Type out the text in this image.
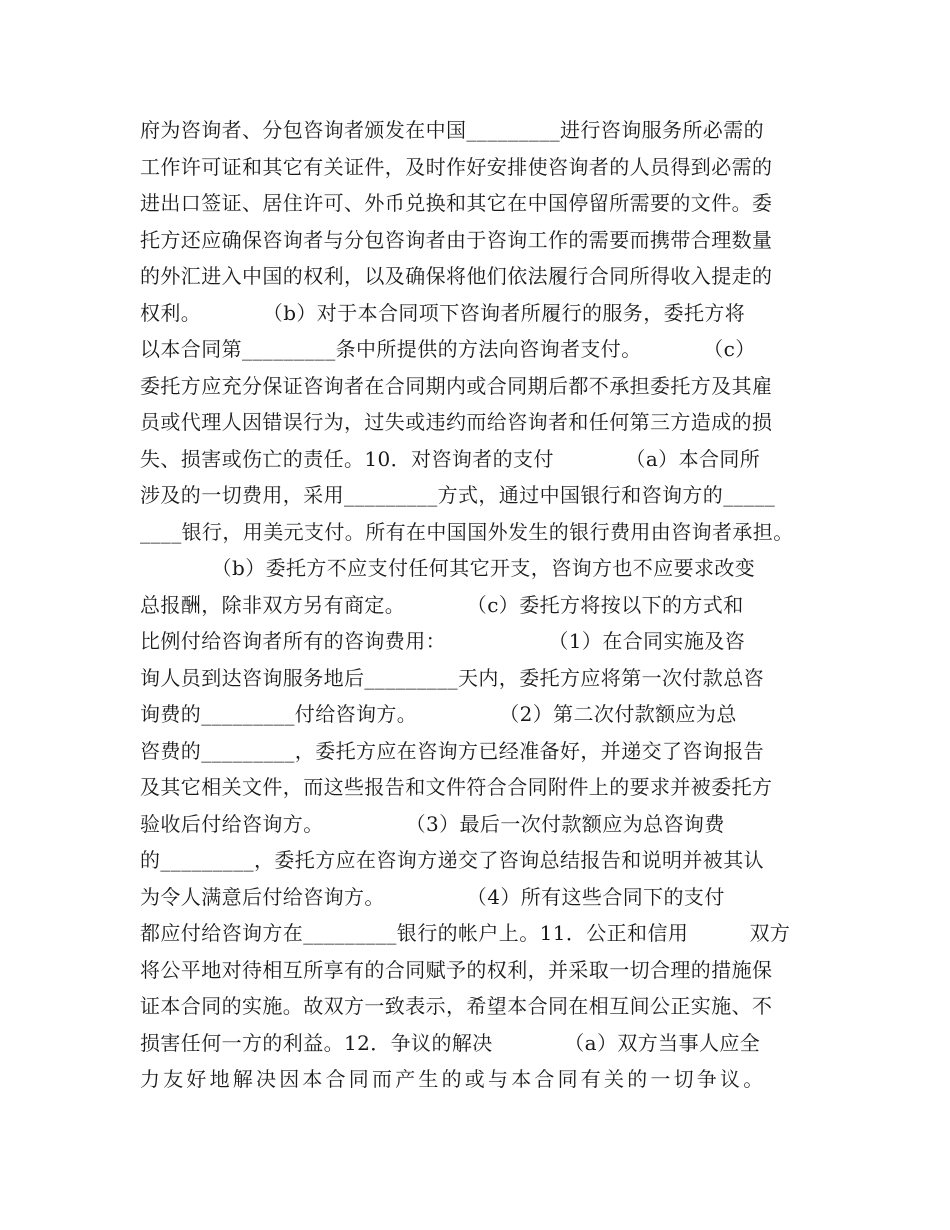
府为咨询者、分包咨询者颁发在中国_________进行咨询服务所必需的
工作许可证和其它有关证件，及时作好安排使咨询者的人员得到必需的
进出口签证、居住许可、外币兑换和其它在中国停留所需要的文件。委
托方还应确保咨询者与分包咨询者由于咨询工作的需要而携带合理数量
的外汇进入中国的权利，以及确保将他们依法履行合同所得收入提走的
权利。　　　　（b）对于本合同项下咨询者所履行的服务，委托方将
以本合同第_________条中所提供的方法向咨询者支付。　　　　（c）
委托方应充分保证咨询者在合同期内或合同期后都不承担委托方及其雇
员或代理人因错误行为，过失或违约而给咨询者和任何第三方造成的损
失、损害或伤亡的责任。10．对咨询者的支付　　　　（a）本合同所
涉及的一切费用，采用_________方式，通过中国银行和咨询方的_____
____银行，用美元支付。所有在中国国外发生的银行费用由咨询者承担。
　　　　（b）委托方不应支付任何其它开支，咨询方也不应要求改变
总报酬，除非双方另有商定。　　　　（c）委托方将按以下的方式和
比例付给咨询者所有的咨询费用：　　　　　　（1）在合同实施及咨
询人员到达咨询服务地后_________天内，委托方应将第一次付款总咨
询费的_________付给咨询方。　　　　　（2）第二次付款额应为总
咨费的_________，委托方应在咨询方已经准备好，并递交了咨询报告
及其它相关文件，而这些报告和文件符合合同附件上的要求并被委托方
验收后付给咨询方。　　　　　（3）最后一次付款额应为总咨询费
的_________，委托方应在咨询方递交了咨询总结报告和说明并被其认
为令人满意后付给咨询方。　　　　　（4）所有这些合同下的支付
都应付给咨询方在_________银行的帐户上。11．公正和信用　　　双方
将公平地对待相互所享有的合同赋予的权利，并采取一切合理的措施保
证本合同的实施。故双方一致表示，希望本合同在相互间公正实施、不
损害任何一方的利益。12．争议的解决　　　　（a）双方当事人应全
力友好地解决因本合同而产生的或与本合同有关的一切争议。
